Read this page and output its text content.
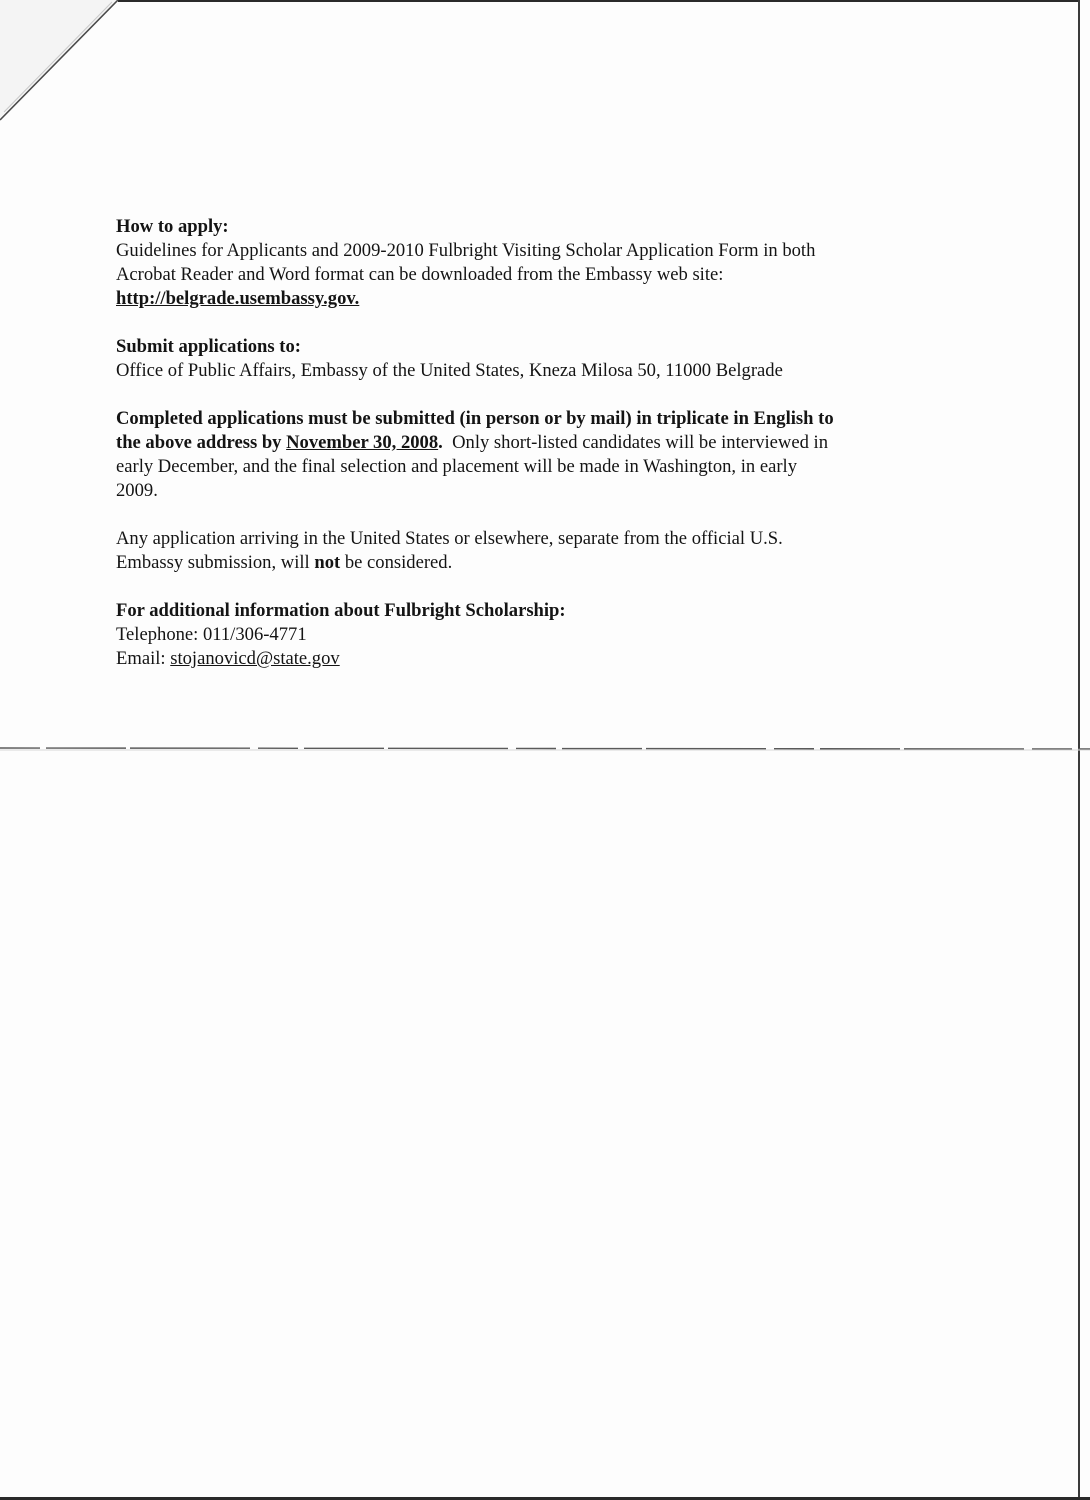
How to apply:
Guidelines for Applicants and 2009-2010 Fulbright Visiting Scholar Application Form in both
Acrobat Reader and Word format can be downloaded from the Embassy web site:
http://belgrade.usembassy.gov.
Submit applications to:
Office of Public Affairs, Embassy of the United States, Kneza Milosa 50, 11000 Belgrade
Completed applications must be submitted (in person or by mail) in triplicate in English to
the above address by November 30, 2008. Only short-listed candidates will be interviewed in
early December, and the final selection and placement will be made in Washington, in early
2009.
Any application arriving in the United States or elsewhere, separate from the official U.S.
Embassy submission, will not be considered.
For additional information about Fulbright Scholarship:
Telephone: 011/306-4771
Email: stojanovicd@state.gov
